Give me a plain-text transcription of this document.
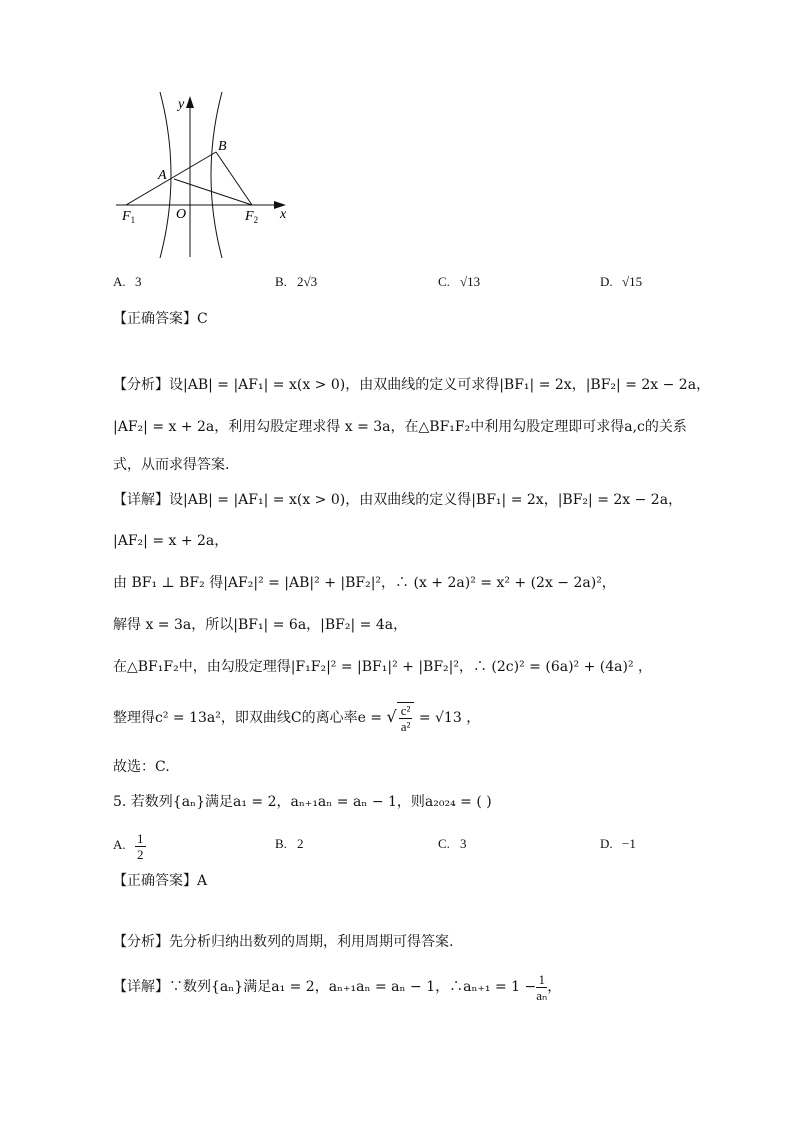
y
x
B
A
O
$F_1$	$F_2$
A. 3	B. 2√3	C. √13	D. √15
【正确答案】C
【分析】设|AB| = |AF₁| = x(x > 0)，由双曲线的定义可求得|BF₁| = 2x，|BF₂| = 2x − 2a，
|AF₂| = x + 2a，利用勾股定理求得 x = 3a，在△BF₁F₂中利用勾股定理即可求得a,c的关系
式，从而求得答案.
【详解】设|AB| = |AF₁| = x(x > 0)，由双曲线的定义得|BF₁| = 2x，|BF₂| = 2x − 2a，
|AF₂| = x + 2a，
由 BF₁ ⊥ BF₂ 得|AF₂|² = |AB|² + |BF₂|²，∴ (x + 2a)² = x² + (2x − 2a)²，
解得 x = 3a，所以|BF₁| = 6a，|BF₂| = 4a，
在△BF₁F₂中，由勾股定理得|F₁F₂|² = |BF₁|² + |BF₂|²，∴ (2c)² = (6a)² + (4a)² ，
整理得c² = 13a²，即双曲线C的离心率e = √ $\frac{\text{c²}}{\text{a²}} = √13$ ，
故选：C.
5. 若数列{aₙ}满足a₁ = 2，aₙ₊₁aₙ = aₙ − 1，则a₂₀₂₄ = ( )
A. $\frac{1}{2}$	B. 2	C. 3	D. −1
【正确答案】A
【分析】先分析归纳出数列的周期，利用周期可得答案.
【详解】∵数列{aₙ}满足a₁ = 2，aₙ₊₁aₙ = aₙ − 1，∴aₙ₊₁ = $1 - \frac{1}{\text{aₙ}}$ ，
